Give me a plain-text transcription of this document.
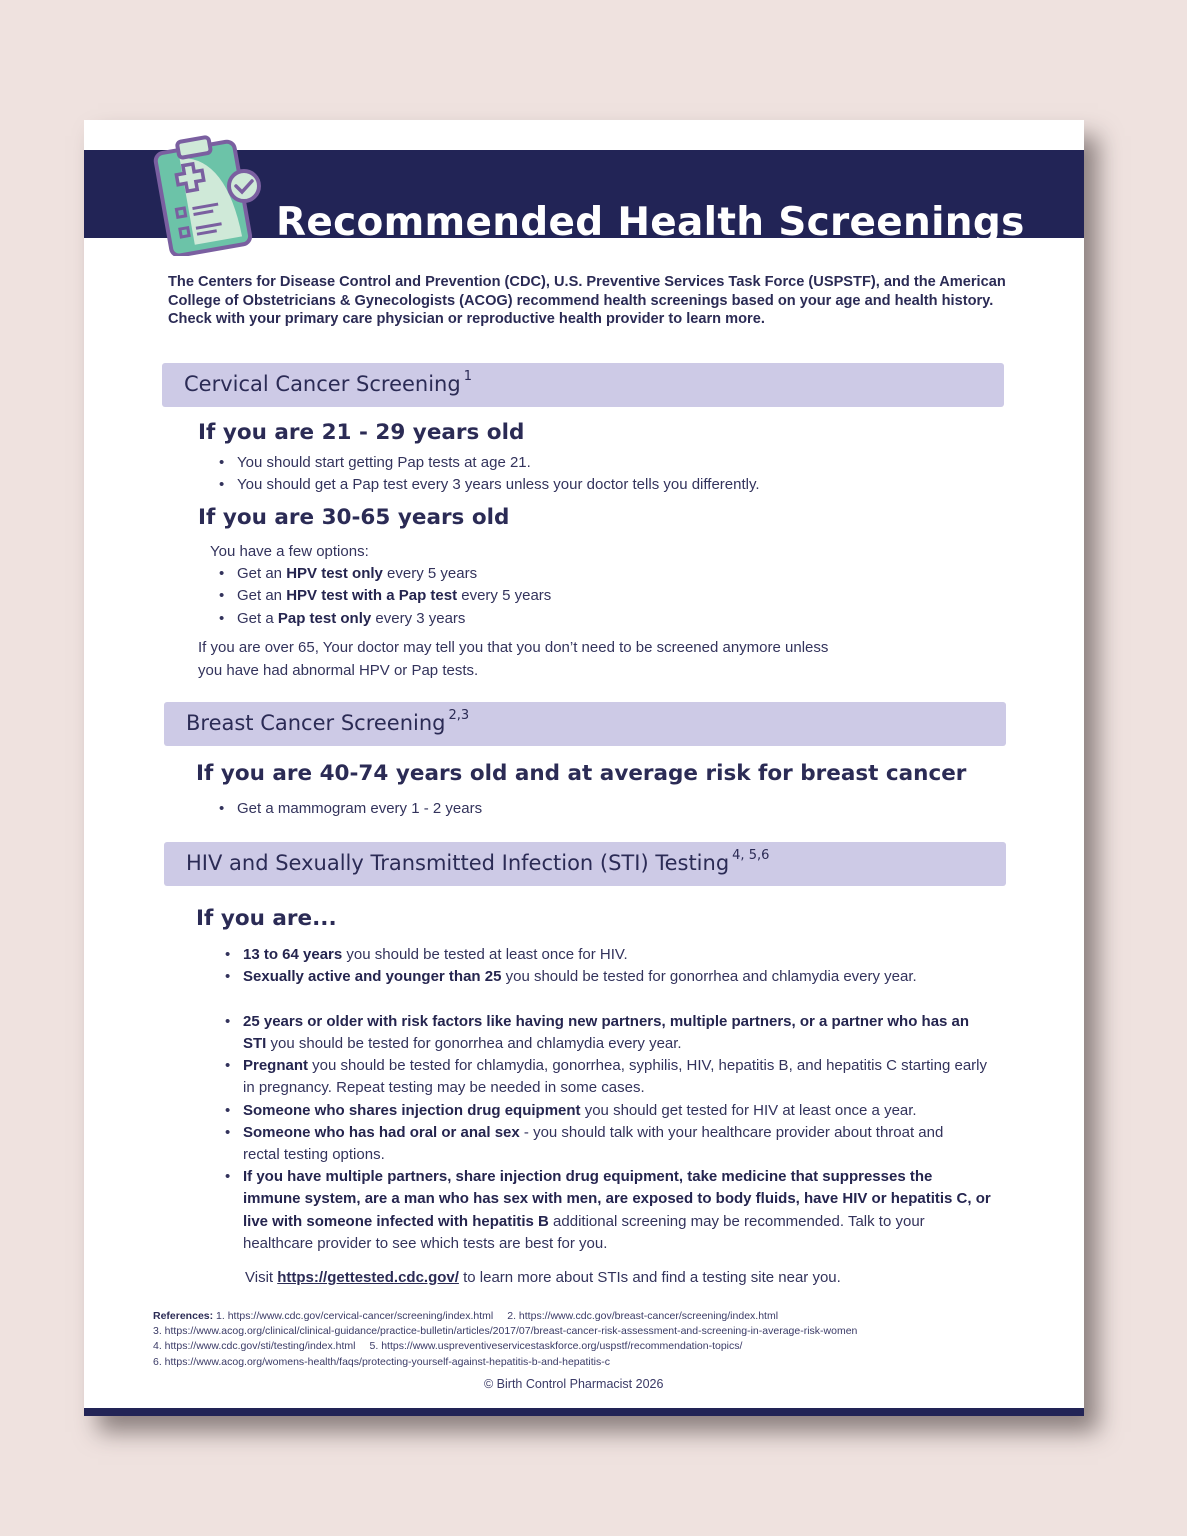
Recommended Health Screenings
The Centers for Disease Control and Prevention (CDC), U.S. Preventive Services Task Force (USPSTF), and the American College of Obstetricians & Gynecologists (ACOG) recommend health screenings based on your age and health history. Check with your primary care physician or reproductive health provider to learn more.
Cervical Cancer Screening $^1$
If you are 21 - 29 years old
• You should start getting Pap tests at age 21.
• You should get a Pap test every 3 years unless your doctor tells you differently.
If you are 30-65 years old
You have a few options:
• Get an HPV test only every 5 years
• Get an HPV test with a Pap test every 5 years
• Get a Pap test only every 3 years
If you are over 65, Your doctor may tell you that you don’t need to be screened anymore unless
you have had abnormal HPV or Pap tests.
Breast Cancer Screening $^{2,3}$
If you are 40-74 years old and at average risk for breast cancer
• Get a mammogram every 1 - 2 years
HIV and Sexually Transmitted Infection (STI) Testing $^{4, 5,6}$
If you are...
• 13 to 64 years you should be tested at least once for HIV.
• Sexually active and younger than 25 you should be tested for gonorrhea and chlamydia every year.
• 25 years or older with risk factors like having new partners, multiple partners, or a partner who has an STI you should be tested for gonorrhea and chlamydia every year.
• Pregnant you should be tested for chlamydia, gonorrhea, syphilis, HIV, hepatitis B, and hepatitis C starting early in pregnancy. Repeat testing may be needed in some cases.
• Someone who shares injection drug equipment you should get tested for HIV at least once a year.
• Someone who has had oral or anal sex - you should talk with your healthcare provider about throat and rectal testing options.
• If you have multiple partners, share injection drug equipment, take medicine that suppresses the immune system, are a man who has sex with men, are exposed to body fluids, have HIV or hepatitis C, or live with someone infected with hepatitis B additional screening may be recommended. Talk to your healthcare provider to see which tests are best for you.
Visit https://gettested.cdc.gov/ to learn more about STIs and find a testing site near you.
References: 1. https://www.cdc.gov/cervical-cancer/screening/index.html 2. https://www.cdc.gov/breast-cancer/screening/index.html
3. https://www.acog.org/clinical/clinical-guidance/practice-bulletin/articles/2017/07/breast-cancer-risk-assessment-and-screening-in-average-risk-women
4. https://www.cdc.gov/sti/testing/index.html 5. https://www.uspreventiveservicestaskforce.org/uspstf/recommendation-topics/
6. https://www.acog.org/womens-health/faqs/protecting-yourself-against-hepatitis-b-and-hepatitis-c
© Birth Control Pharmacist 2026
